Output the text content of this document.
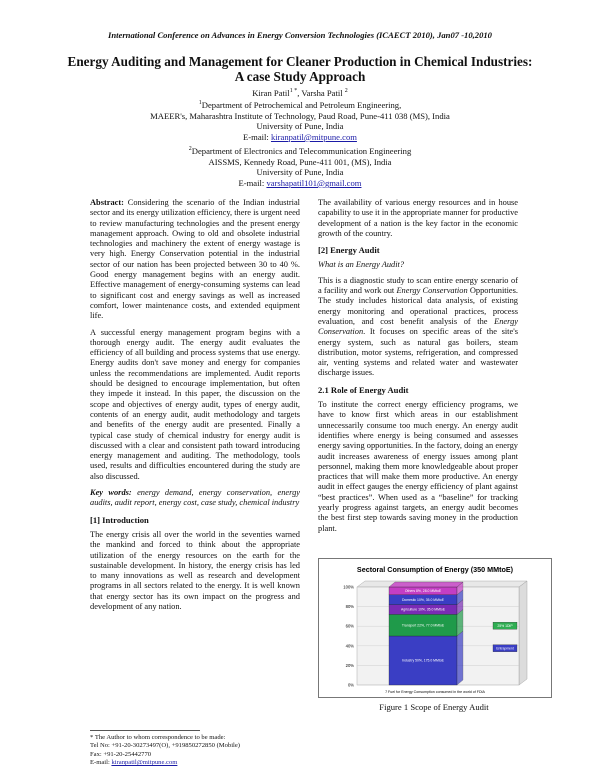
International Conference on Advances in Energy Conversion Technologies (ICAECT 2010), Jan07 -10,2010
Energy Auditing and Management for Cleaner Production in Chemical Industries:
A case Study Approach
Kiran Patil$^{1 *}$, Varsha Patil $^2$
$^1$Department of Petrochemical and Petroleum Engineering,
MAEER's, Maharashtra Institute of Technology, Paud Road, Pune-411 038 (MS), India
University of Pune, India
E-mail: kiranpatil@mitpune.com
$^2$Department of Electronics and Telecommunication Engineering
AISSMS, Kennedy Road, Pune-411 001, (MS), India
University of Pune, India
E-mail: varshapatil101@gmail.com

Abstract: Considering the scenario of the Indian industrial sector and its energy utilization efficiency, there is urgent need to review manufacturing technologies and the present energy management approach. Owing to old and obsolete industrial technologies and machinery the extent of energy wastage is very high. Energy Conservation potential in the industrial sector of our nation has been projected between 30 to 40 %. Good energy management begins with an energy audit. Effective management of energy-consuming systems can lead to significant cost and energy savings as well as increased comfort, lower maintenance costs, and extended equipment life.

A successful energy management program begins with a thorough energy audit. The energy audit evaluates the efficiency of all building and process systems that use energy. Energy audits don't save money and energy for companies unless the recommendations are implemented. Audit reports should be designed to encourage implementation, but often they impede it instead. In this paper, the discussion on the scope and objectives of energy audit, types of energy audit, contents of an energy audit, audit methodology and targets and benefits of the energy audit are presented. Finally a typical case study of chemical industry for energy audit is discussed with a clear and consistent path toward introducing energy management and auditing. The methodology, tools used, results and difficulties encountered during the study are also discussed.

Key words: energy demand, energy conservation, energy audits, audit report, energy cost, case study, chemical industry

[1] Introduction

The energy crisis all over the world in the seventies warned the mankind and forced to think about the appropriate utilization of the energy resources on the earth for the sustainable development. In history, the energy crisis has led to many innovations as well as research and development programs in all sectors related to the energy. It is well known that energy sector has its own impact on the progress and development of any nation.

* The Author to whom correspondence to be made:
Tel No: +91-20-30273497(O), +919850272850 (Mobile)
Fax: +91-20-25442770
E-mail: kiranpatil@mitpune.com

The availability of various energy resources and in house capability to use it in the appropriate manner for productive development of a nation is the key factor in the economic growth of the country.

[2] Energy Audit
What is an Energy Audit?

This is a diagnostic study to scan entire energy scenario of a facility and work out Energy Conservation Opportunities. The study includes historical data analysis, of existing energy monitoring and operational practices, process evaluation, and cost benefit analysis of the Energy Conservation. It focuses on specific areas of the site's energy system, such as natural gas boilers, steam distribution, motor systems, refrigeration, and compressed air, venting systems and related water and wastewater discharge issues.

2.1 Role of Energy Audit

To institute the correct energy efficiency programs, we have to know first which areas in our establishment unnecessarily consume too much energy. An energy audit identifies where energy is being consumed and assesses energy saving opportunities. In the factory, doing an energy audit increases awareness of energy issues among plant personnel, making them more knowledgeable about proper practices that will make them more productive. An energy audit in effect gauges the energy efficiency of plant against “best practices”. When used as a “baseline” for tracking yearly progress against targets, an energy audit becomes the best first step towards saving money in the production plant.

Sectoral Consumption of Energy (350 MMtoE)
0%
20%
40%
60%
80%
100%
Industry 50%, 175.0 MMtoE
Transport 22%, 77.0 MMtoE
Agriculture 10%, 35.0 MMtoE
Domestic 10%, 35.0 MMtoE
Others 8%, 28.0 MMtoE
25% 1DIP
Entrapment
7 Fuel for Energy Consumption consumed in the world of FDIA
Figure 1 Scope of Energy Audit
